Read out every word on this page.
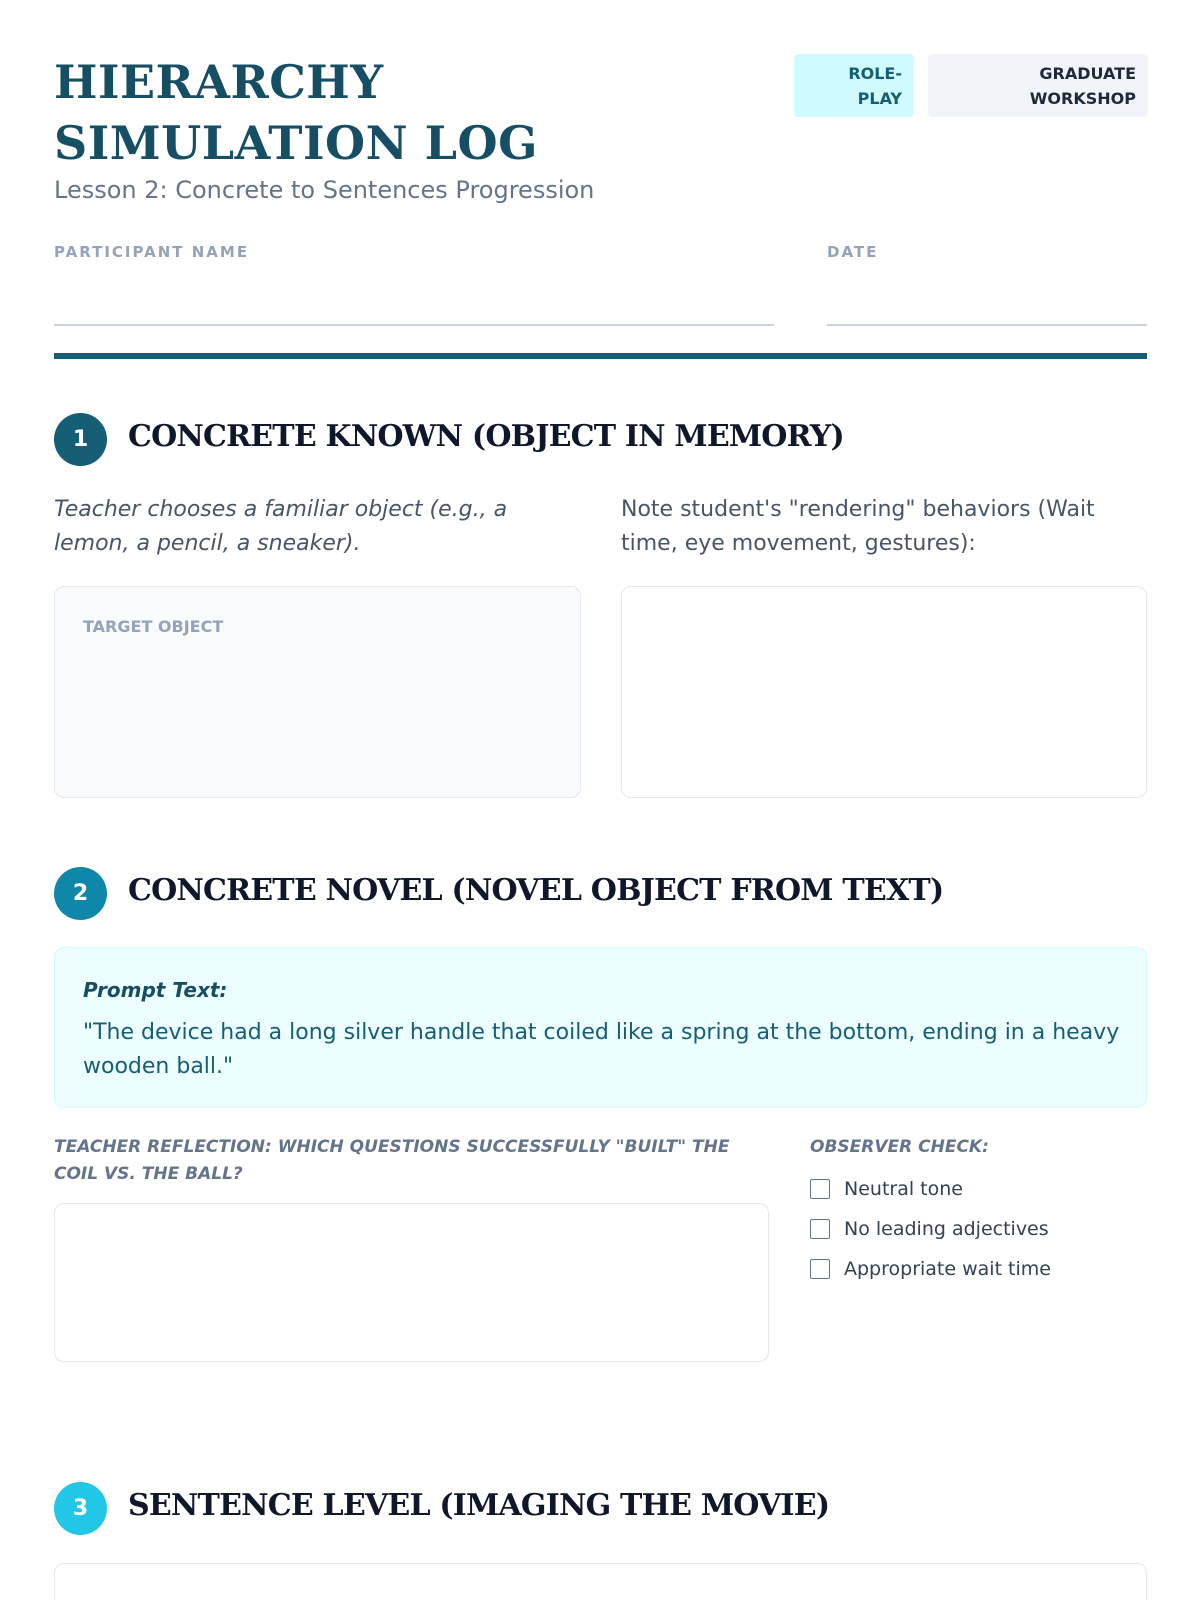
HIERARCHY SIMULATION LOG
Lesson 2: Concrete to Sentences Progression
ROLE-PLAY
GRADUATE WORKSHOP
PARTICIPANT NAME	DATE
1	CONCRETE KNOWN (OBJECT IN MEMORY)
Teacher chooses a familiar object (e.g., a lemon, a pencil, a sneaker).
Note student's "rendering" behaviors (Wait time, eye movement, gestures):
TARGET OBJECT
2	CONCRETE NOVEL (NOVEL OBJECT FROM TEXT)
Prompt Text:
"The device had a long silver handle that coiled like a spring at the bottom, ending in a heavy wooden ball."
TEACHER REFLECTION: WHICH QUESTIONS SUCCESSFULLY "BUILT" THE COIL VS. THE BALL?
OBSERVER CHECK:
Neutral tone
No leading adjectives
Appropriate wait time
3	SENTENCE LEVEL (IMAGING THE MOVIE)
